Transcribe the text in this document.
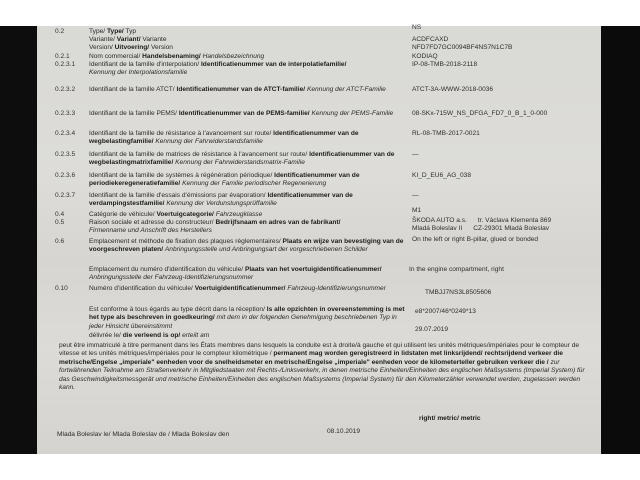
0.2	Type/ Type/ Typ
NS
Variante/ Variant/ Variante	ACDFCAXD
Version/ Uitvoering/ Version	NFD7FD7GC0094BF4NS7N1C7B
0.2.1	Nom commercial/ Handelsbenaming/ Handelsbezeichnung	KODIAQ
0.2.3.1 Identifiant de la famille d'interpolation/ Identificatienummer van de interpolatiefamilie/
Kennung der Interpolationsfamilie
IP-08-TMB-2018-2118
0.2.3.2 Identifiant de la famille ATCT/ Identificatienummer van de ATCT-familie/ Kennung der ATCT-Familie	ATCT-3A-WWW-2018-0036
0.2.3.3 Identifiant de la famille PEMS/ Identificatienummer van de PEMS-familie/ Kennung der PEMS-Familie	08-SKx-715W_NS_DFGA_FD7_0_B_1_0-000
0.2.3.4 Identifiant de la famille de résistance à l'avancement sur route/ Identificatienummer van de wegbelastingfamilie/ Kennung der Fahrwiderstandsfamilie
RL-08-TMB-2017-0021
0.2.3.5 Identifiant de la famille de matrices de résistance à l'avancement sur route/ Identificatienummer van de wegbelastingmatrixfamilie/ Kennung der Fahrwiderstandsmatrix-Familie
—
0.2.3.6 Identifiant de la famille de systèmes à régénération périodique/ Identificatienummer van de periodiekeregeneratiefamilie/ Kennung der Familie periodischer Regenerierung
KI_D_EU6_AG_038
0.2.3.7 Identifiant de la famille d'essais d'émissions par évaporation/ Identificatienummer van de verdampingstestfamilie/ Kennung der Verdunstungsprüffamilie
—
0.4	Catégorie de véhicule/ Voertuigcategorie/ Fahrzeugklasse
M1
0.5	Raison sociale et adresse du constructeur/ Bedrijfsnaam en adres van de fabrikant/
Firmenname und Anschrift des Herstellers
ŠKODA AUTO a.s.      tr. Václava Klementa 869
Mladá Boleslav II      CZ-29301 Mladá Boleslav
0.6	Emplacement et méthode de fixation des plaques réglementaires/ Plaats en wijze van bevestiging van de voorgeschreven platen/ Anbringungsstelle und Anbringungsart der vorgeschriebenen Schilder
On the left or right B-pillar, glued or bonded
Emplacement du numéro d'identification du véhicule/ Plaats van het voertuigidentificatienummer/
Anbringungsstelle der Fahrzeug-Identifizierungsnummer
In the engine compartment, right
0.10	Numéro d'identification du véhicule/ Voertuigidentificatienummer/ Fahrzeug-Identifizierungsnummer
TMBJJ7NS3L8505606
Est conforme à tous égards au type décrit dans la réception/ Is alle opzichten in overeenstemming is met het type als beschreven in goedkeuring/ mit dem in der folgenden Genehmigung beschriebenen Typ in jeder Hinsicht übereinstimmt
e8*2007/46*0249*13
délivrée le/ die verleend is op/ erteilt am
29.07.2019
peut être immatriculé à titre permanent dans les États membres dans lesquels la conduite est à droite/à gauche et qui utilisent les unités métriques/impériales pour le compteur de vitesse et les unités métriques/impériales pour le compteur kilométrique / permanent mag worden geregistreerd in lidstaten met linksrijdend/ rechtsrijdend verkeer die metrische/Engelse „imperiale" eenheden voor de snelheidsmeter en metrische/Engelse „imperiale" eenheden voor de kilometerteller gebruiken verkeer die / zur fortwährenden Teilnahme am Straßenverkehr in Mitgliedstaaten mit Rechts-/Linksverkehr, in denen metrische Einheiten/Einheiten des englischen Maßsystems (Imperial System) für das Geschwindigkeitsmessgerät und metrische Einheiten/Einheiten des englischen Maßsystems (Imperial System) für den Kilometerzähler verwendet werden, zugelassen werden kann.
right/ metric/ metric
Mlada Boleslav le/ Mlada Boleslav de / Mlada Boleslav den	08.10.2019
